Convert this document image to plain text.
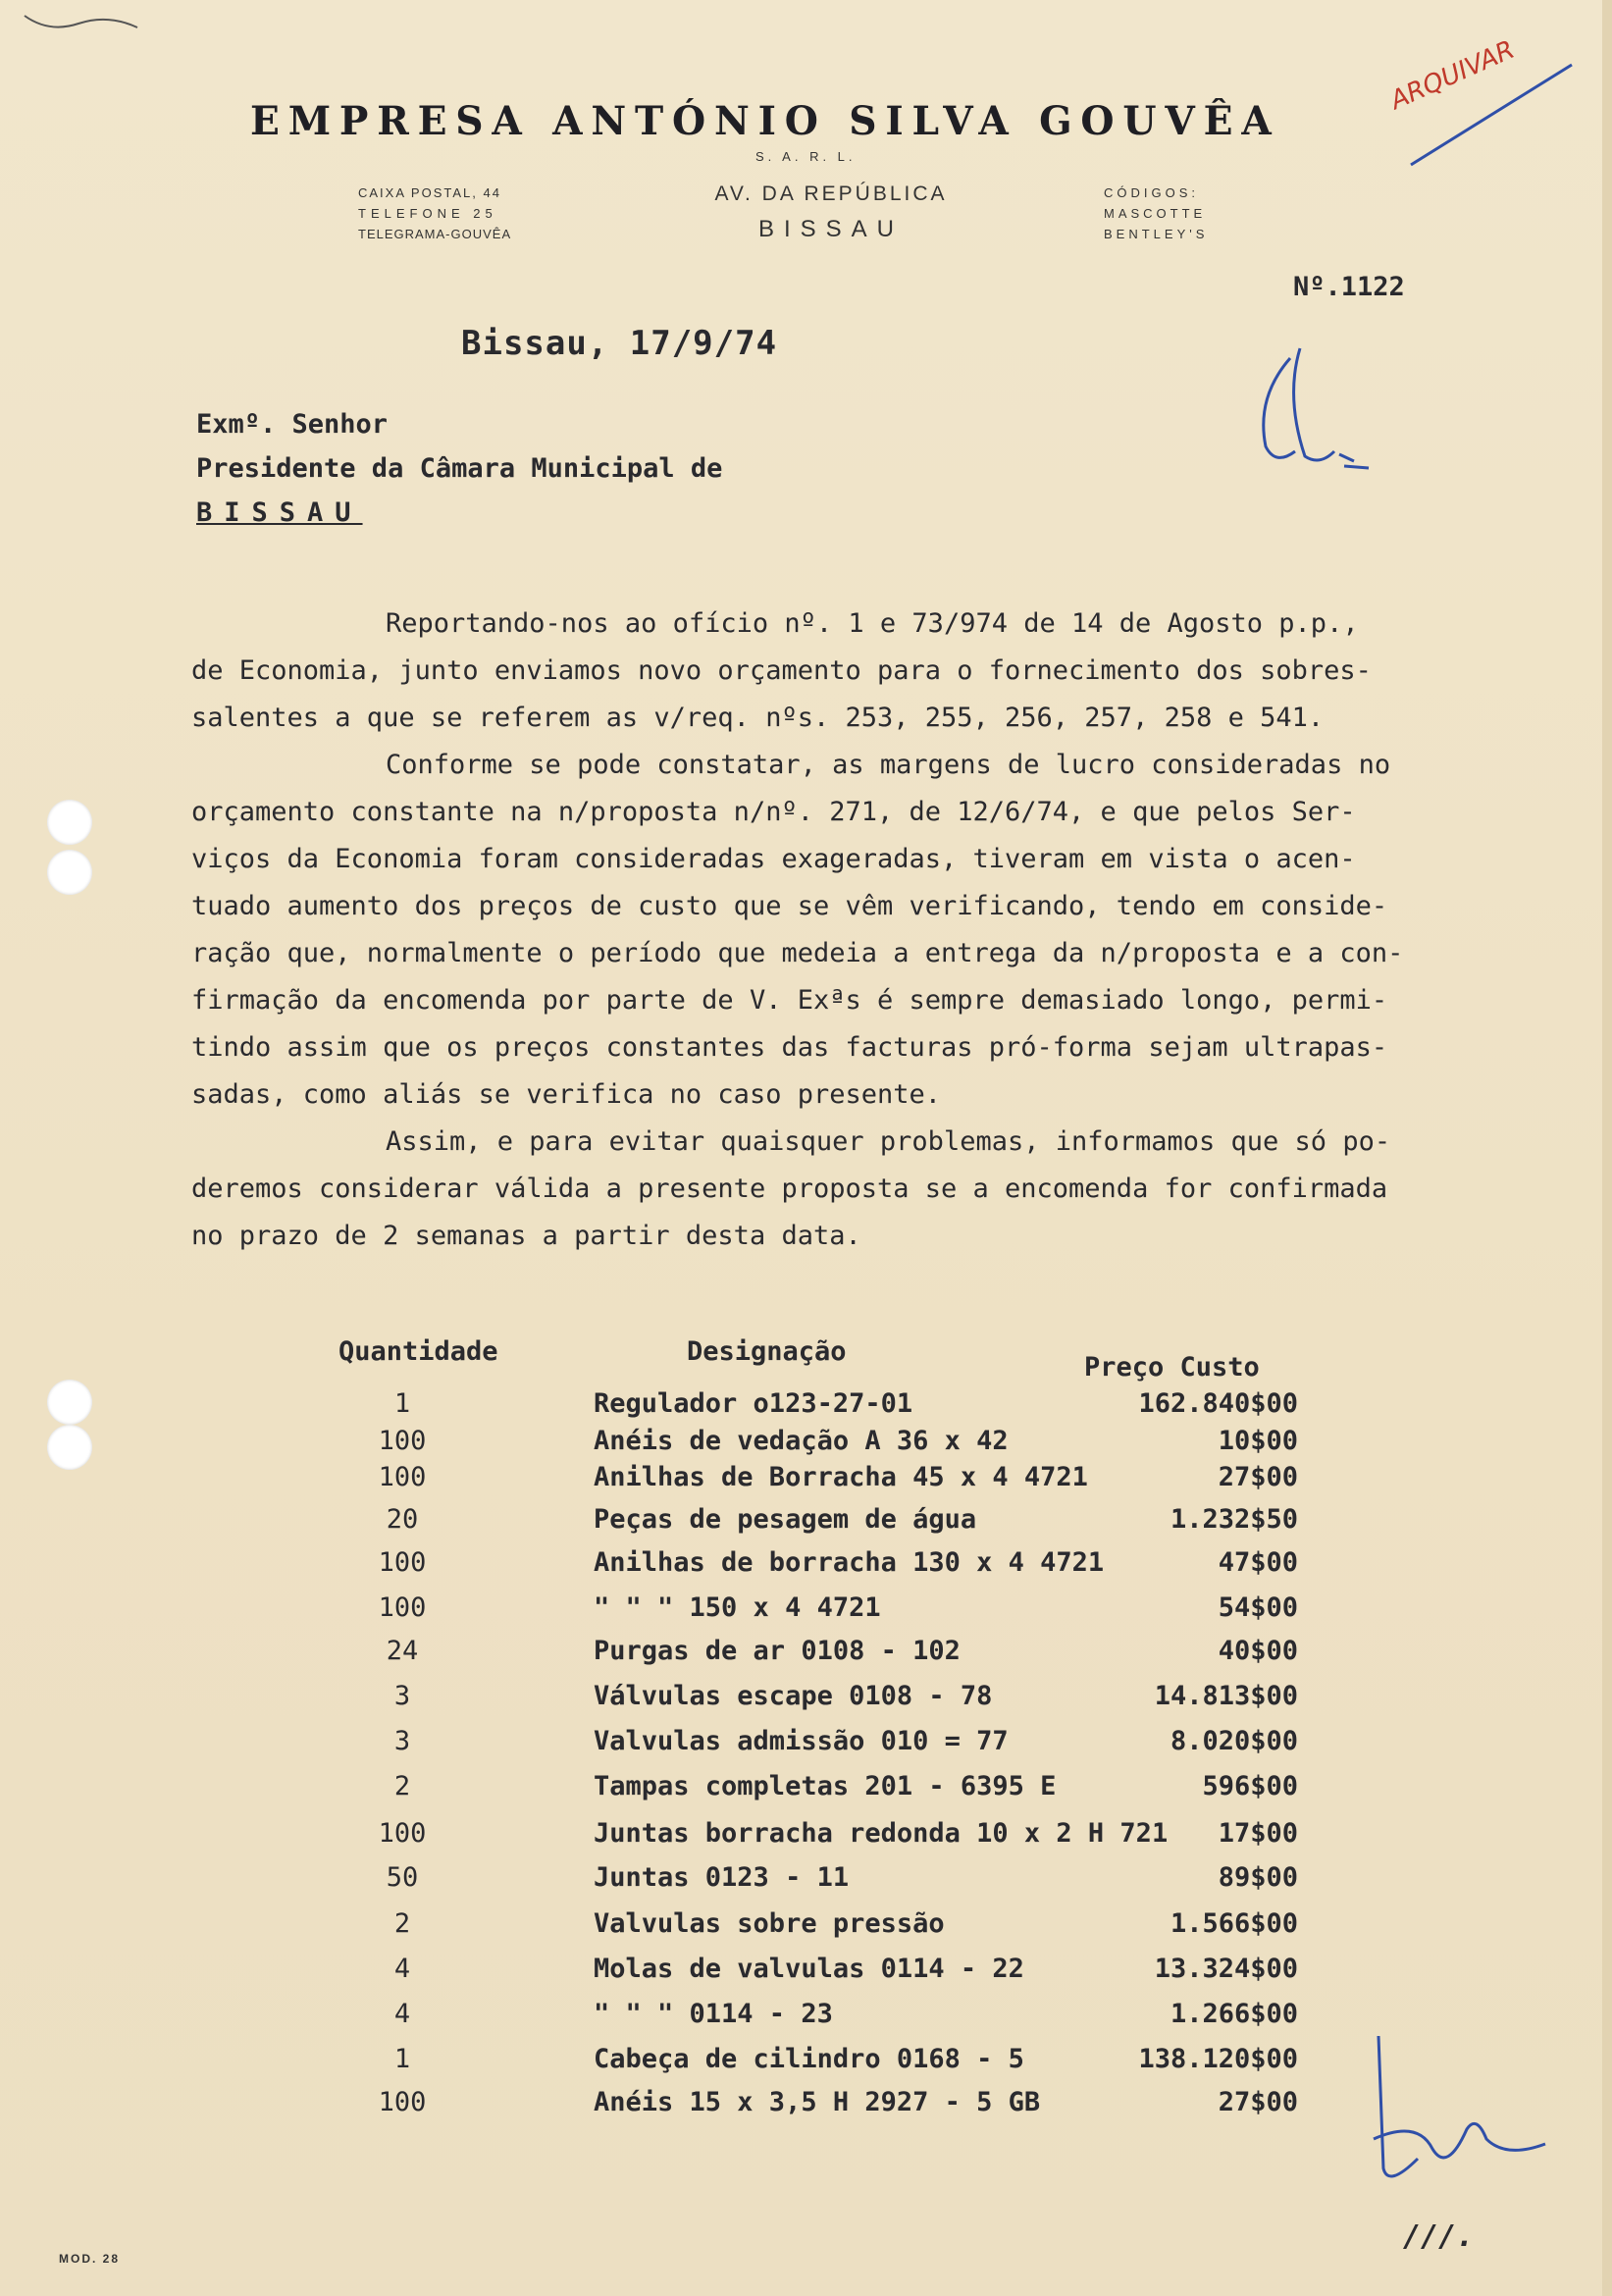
EMPRESA ANTÓNIO SILVA GOUVÊA
S. A. R. L.
CAIXA POSTAL, 44
TELEFONE 25
TELEGRAMA-GOUVÊA
AV. DA REPÚBLICA
BISSAU
CÓDIGOS:
MASCOTTE
BENTLEY'S
ARQUIVAR
Nº.1122
Bissau, 17/9/74
Exmº. Senhor
Presidente da Câmara Municipal de
BISSAU

Reportando-nos ao ofício nº. 1 e 73/974 de 14 de Agosto p.p.,
de Economia, junto enviamos novo orçamento para o fornecimento dos sobres-
salentes a que se referem as v/req. nºs. 253, 255, 256, 257, 258 e 541.

Conforme se pode constatar, as margens de lucro consideradas no
orçamento constante na n/proposta n/nº. 271, de 12/6/74, e que pelos Ser-
viços da Economia foram consideradas exageradas, tiveram em vista o acen-
tuado aumento dos preços de custo que se vêm verificando, tendo em conside-
ração que, normalmente o período que medeia a entrega da n/proposta e a con-
firmação da encomenda por parte de V. Exªs é sempre demasiado longo, permi-
tindo assim que os preços constantes das facturas pró-forma sejam ultrapas-
sadas, como aliás se verifica no caso presente.

Assim, e para evitar quaisquer problemas, informamos que só po-
deremos considerar válida a presente proposta se a encomenda for confirmada
no prazo de 2 semanas a partir desta data.

Quantidade	Designação
Preço Custo
1	Regulador o123-27-01	162.840$00
100	Anéis de vedação A 36 x 42	10$00
100	Anilhas de Borracha 45 x 4 4721	27$00
20	Peças de pesagem de água	1.232$50
100	Anilhas de borracha 130 x 4 4721	47$00
100	" " " 150 x 4 4721	54$00
24	Purgas de ar 0108 - 102	40$00
3	Válvulas escape 0108 - 78	14.813$00
3	Valvulas admissão 010 = 77	8.020$00
2	Tampas completas 201 - 6395 E	596$00
100	Juntas borracha redonda 10 x 2 H 721 17$00
50	Juntas 0123 - 11	89$00
2	Valvulas sobre pressão	1.566$00
4	Molas de valvulas 0114 - 22	13.324$00
4	" " " 0114 - 23	1.266$00
1	Cabeça de cilindro 0168 - 5	138.120$00
100	Anéis 15 x 3,5 H 2927 - 5 GB	27$00
///.
MOD. 28
